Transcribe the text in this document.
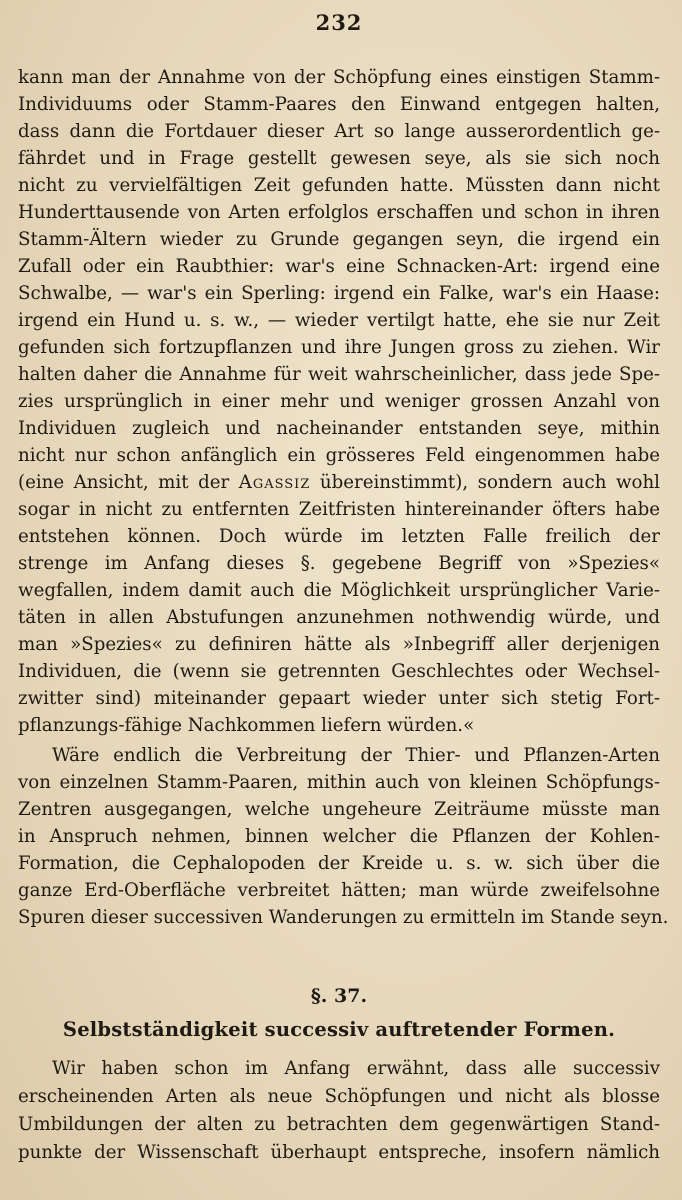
232
kann man der Annahme von der Schöpfung eines einstigen Stamm-
Individuums oder Stamm-Paares den Einwand entgegen halten,
dass dann die Fortdauer dieser Art so lange ausserordentlich ge-
fährdet und in Frage gestellt gewesen seye, als sie sich noch
nicht zu vervielfältigen Zeit gefunden hatte. Müssten dann nicht
Hunderttausende von Arten erfolglos erschaffen und schon in ihren
Stamm-Ältern wieder zu Grunde gegangen seyn, die irgend ein
Zufall oder ein Raubthier: war's eine Schnacken-Art: irgend eine
Schwalbe, — war's ein Sperling: irgend ein Falke, war's ein Haase:
irgend ein Hund u. s. w., — wieder vertilgt hatte, ehe sie nur Zeit
gefunden sich fortzupflanzen und ihre Jungen gross zu ziehen. Wir
halten daher die Annahme für weit wahrscheinlicher, dass jede Spe-
zies ursprünglich in einer mehr und weniger grossen Anzahl von
Individuen zugleich und nacheinander entstanden seye, mithin
nicht nur schon anfänglich ein grösseres Feld eingenommen habe
(eine Ansicht, mit der Agassiz übereinstimmt), sondern auch wohl
sogar in nicht zu entfernten Zeitfristen hintereinander öfters habe
entstehen können. Doch würde im letzten Falle freilich der
strenge im Anfang dieses §. gegebene Begriff von »Spezies«
wegfallen, indem damit auch die Möglichkeit ursprünglicher Varie-
täten in allen Abstufungen anzunehmen nothwendig würde, und
man »Spezies« zu definiren hätte als »Inbegriff aller derjenigen
Individuen, die (wenn sie getrennten Geschlechtes oder Wechsel-
zwitter sind) miteinander gepaart wieder unter sich stetig Fort-
pflanzungs-fähige Nachkommen liefern würden.«
Wäre endlich die Verbreitung der Thier- und Pflanzen-Arten
von einzelnen Stamm-Paaren, mithin auch von kleinen Schöpfungs-
Zentren ausgegangen, welche ungeheure Zeiträume müsste man
in Anspruch nehmen, binnen welcher die Pflanzen der Kohlen-
Formation, die Cephalopoden der Kreide u. s. w. sich über die
ganze Erd-Oberfläche verbreitet hätten; man würde zweifelsohne
Spuren dieser successiven Wanderungen zu ermitteln im Stande seyn.
§. 37.
Selbstständigkeit successiv auftretender Formen.
Wir haben schon im Anfang erwähnt, dass alle successiv
erscheinenden Arten als neue Schöpfungen und nicht als blosse
Umbildungen der alten zu betrachten dem gegenwärtigen Stand-
punkte der Wissenschaft überhaupt entspreche, insofern nämlich
